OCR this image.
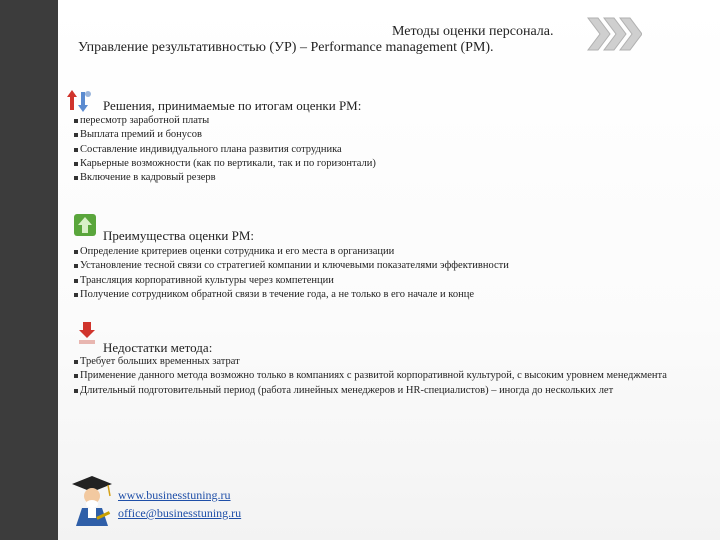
Методы оценки персонала.
Управление результативностью (УР) – Performance management (PM).
Решения, принимаемые по итогам оценки РМ:
пересмотр заработной платы
Выплата премий и бонусов
Составление индивидуального плана развития сотрудника
Карьерные возможности (как по вертикали, так и по горизонтали)
Включение в кадровый резерв
Преимущества оценки РМ:
Определение критериев оценки сотрудника и его места в организации
Установление тесной связи со стратегией компании и ключевыми показателями эффективности
Трансляция корпоративной культуры через компетенции
Получение сотрудником обратной связи в течение года, а не только в его начале и конце
Недостатки метода:
Требует больших временных затрат
Применение данного метода возможно только в компаниях с развитой корпоративной культурой, с высоким уровнем менеджмента
Длительный подготовительный период (работа линейных менеджеров и HR-специалистов) – иногда до нескольких лет
www.businesstuning.ru
office@businesstuning.ru
